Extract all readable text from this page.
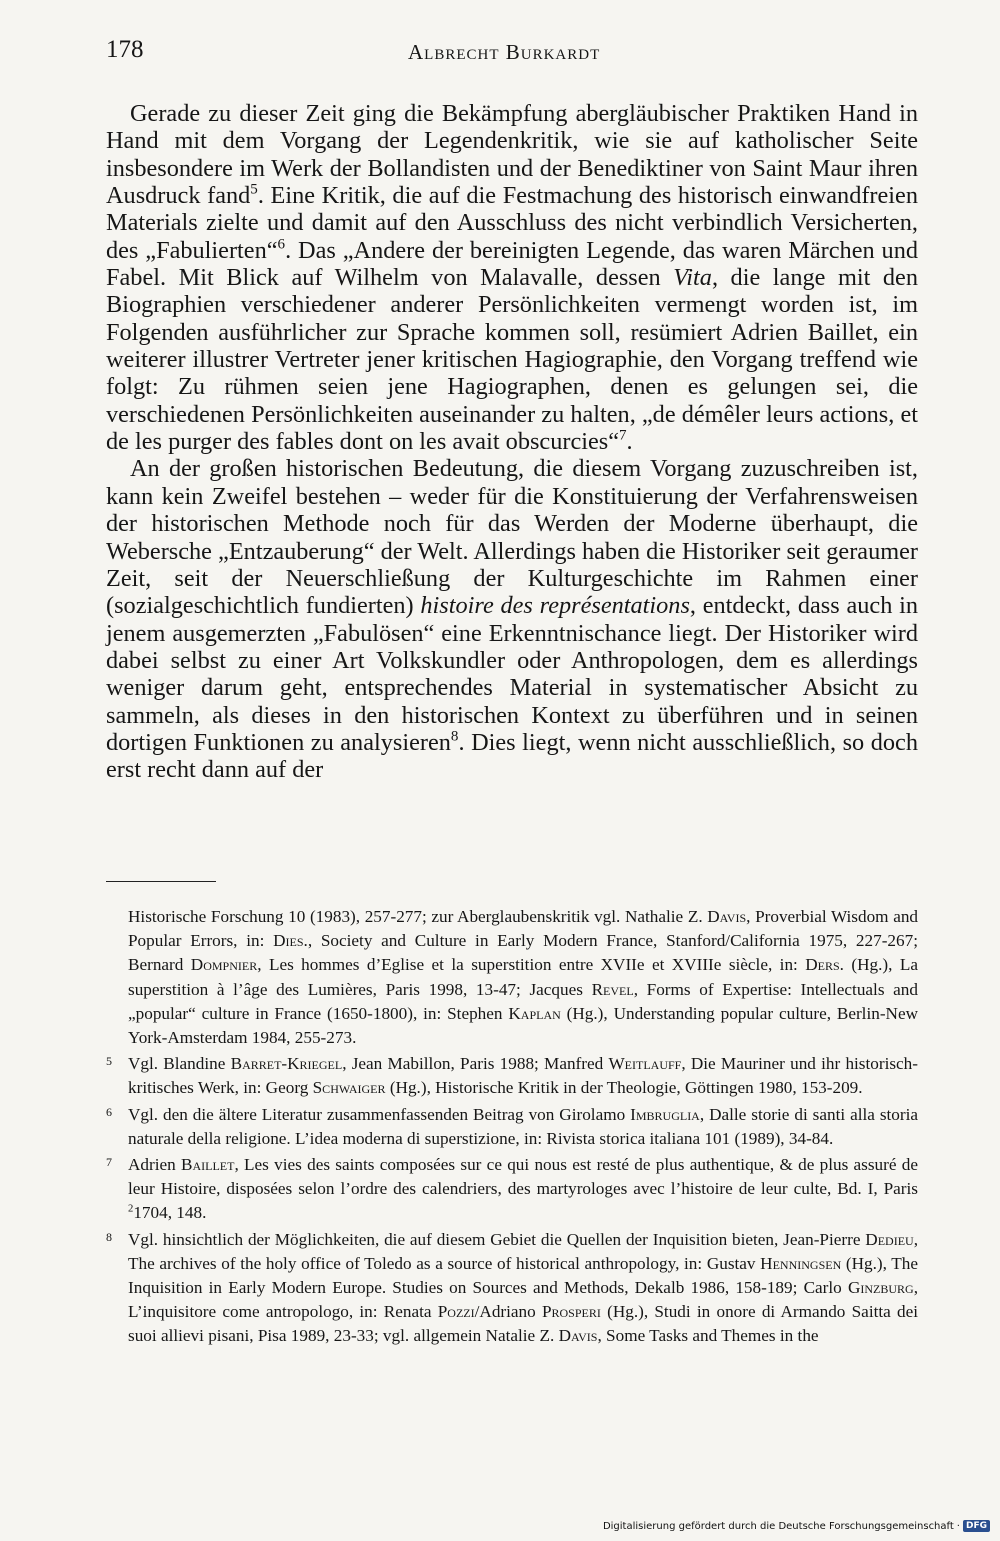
178	Albrecht Burkardt

Gerade zu dieser Zeit ging die Bekämpfung abergläubischer Praktiken Hand in Hand mit dem Vorgang der Legendenkritik, wie sie auf katholischer Seite insbesondere im Werk der Bollandisten und der Benediktiner von Saint Maur ihren Ausdruck fand$^5$. Eine Kritik, die auf die Festmachung des historisch einwandfreien Materials zielte und damit auf den Ausschluss des nicht verbindlich Versicherten, des „Fabulierten“$^6$. Das „Andere der bereinigten Legende, das waren Märchen und Fabel. Mit Blick auf Wilhelm von Malavalle, dessen Vita, die lange mit den Biographien verschiedener anderer Persönlichkeiten vermengt worden ist, im Folgenden ausführlicher zur Sprache kommen soll, resümiert Adrien Baillet, ein weiterer illustrer Vertreter jener kritischen Hagiographie, den Vorgang treffend wie folgt: Zu rühmen seien jene Hagiographen, denen es gelungen sei, die verschiedenen Persönlichkeiten auseinander zu halten, „de démêler leurs actions, et de les purger des fables dont on les avait obscurcies“$^7$.

An der großen historischen Bedeutung, die diesem Vorgang zuzuschreiben ist, kann kein Zweifel bestehen – weder für die Konstituierung der Verfahrensweisen der historischen Methode noch für das Werden der Moderne überhaupt, die Webersche „Entzauberung“ der Welt. Allerdings haben die Historiker seit geraumer Zeit, seit der Neuerschließung der Kulturgeschichte im Rahmen einer (sozialgeschichtlich fundierten) histoire des représentations, entdeckt, dass auch in jenem ausgemerzten „Fabulösen“ eine Erkenntnischance liegt. Der Historiker wird dabei selbst zu einer Art Volkskundler oder Anthropologen, dem es allerdings weniger darum geht, entsprechendes Material in systematischer Absicht zu sammeln, als dieses in den historischen Kontext zu überführen und in seinen dortigen Funktionen zu analysieren$^8$. Dies liegt, wenn nicht ausschließlich, so doch erst recht dann auf der

Historische Forschung 10 (1983), 257-277; zur Aberglaubenskritik vgl. Nathalie Z. Davis, Proverbial Wisdom and Popular Errors, in: Dies., Society and Culture in Early Modern France, Stanford/California 1975, 227-267; Bernard Dompnier, Les hommes d’Eglise et la superstition entre XVIIe et XVIIIe siècle, in: Ders. (Hg.), La superstition à l’âge des Lumières, Paris 1998, 13-47; Jacques Revel, Forms of Expertise: Intellectuals and „popular“ culture in France (1650-1800), in: Stephen Kaplan (Hg.), Understanding popular culture, Berlin-New York-Amsterdam 1984, 255-273.
5 Vgl. Blandine Barret-Kriegel, Jean Mabillon, Paris 1988; Manfred Weitlauff, Die Mauriner und ihr historisch-kritisches Werk, in: Georg Schwaiger (Hg.), Historische Kritik in der Theologie, Göttingen 1980, 153-209.
6 Vgl. den die ältere Literatur zusammenfassenden Beitrag von Girolamo Imbruglia, Dalle storie di santi alla storia naturale della religione. L’idea moderna di superstizione, in: Rivista storica italiana 101 (1989), 34-84.
7 Adrien Baillet, Les vies des saints composées sur ce qui nous est resté de plus authentique, & de plus assuré de leur Histoire, disposées selon l’ordre des calendriers, des martyrologes avec l’histoire de leur culte, Bd. I, Paris $^2$1704, 148.
8 Vgl. hinsichtlich der Möglichkeiten, die auf diesem Gebiet die Quellen der Inquisition bieten, Jean-Pierre Dedieu, The archives of the holy office of Toledo as a source of historical anthropology, in: Gustav Henningsen (Hg.), The Inquisition in Early Modern Europe. Studies on Sources and Methods, Dekalb 1986, 158-189; Carlo Ginzburg, L’inquisitore come antropologo, in: Renata Pozzi/Adriano Prosperi (Hg.), Studi in onore di Armando Saitta dei suoi allievi pisani, Pisa 1989, 23-33; vgl. allgemein Natalie Z. Davis, Some Tasks and Themes in the
Digitalisierung gefördert durch die Deutsche Forschungsgemeinschaft · DFG
